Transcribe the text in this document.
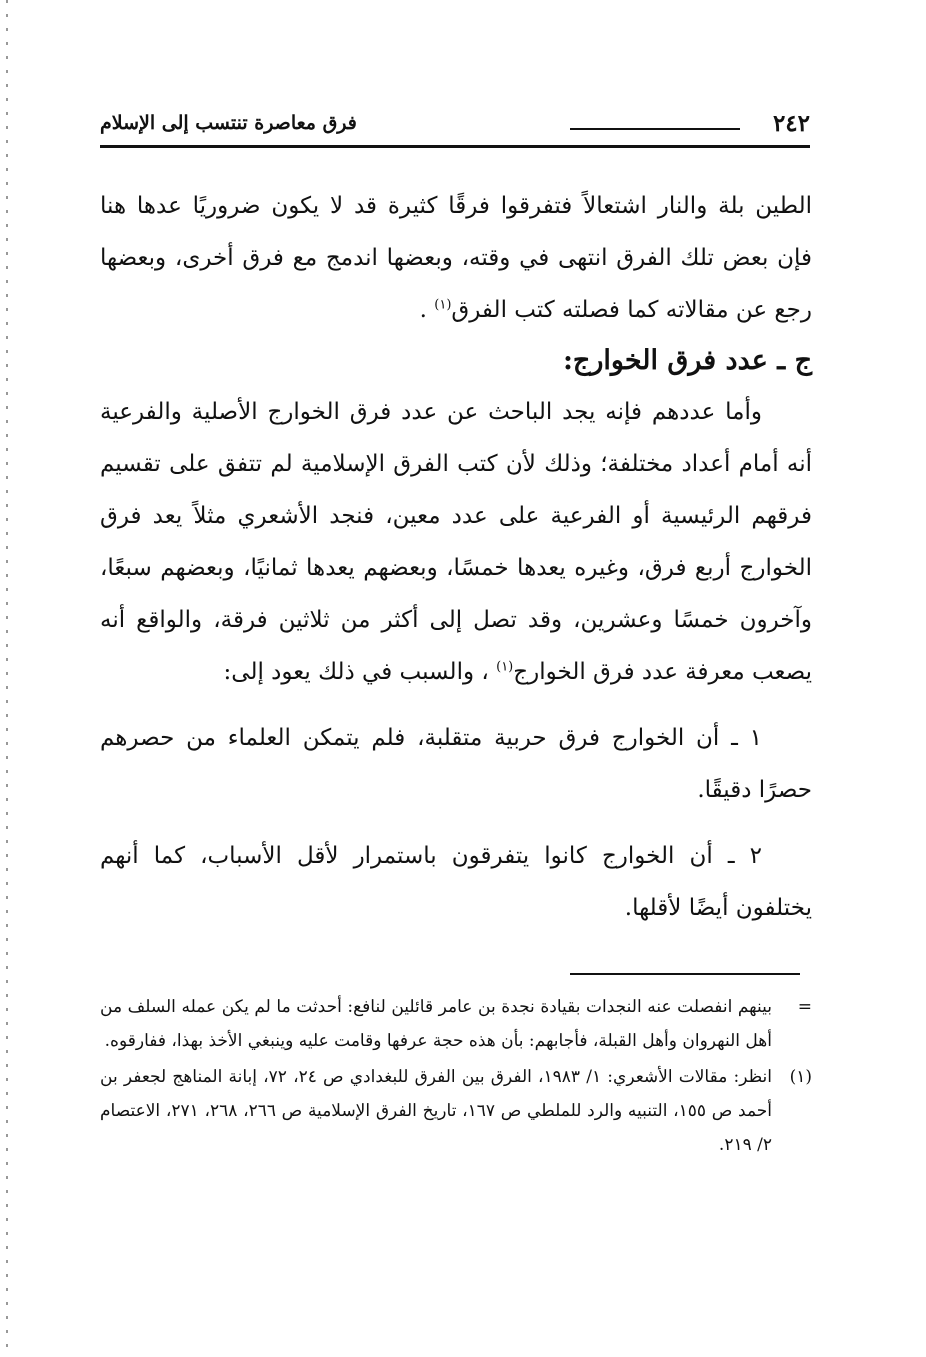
٢٤٢
فرق معاصرة تنتسب إلى الإسلام

الطين بلة والنار اشتعالاً فتفرقوا فرقًا كثيرة قد لا يكون ضروريًا عدها هنا فإن بعض تلك الفرق انتهى في وقته، وبعضها اندمج مع فرق أخرى، وبعضها رجع عن مقالاته كما فصلته كتب الفرق$^{(١)}$ .

ج ـ عدد فرق الخوارج:

وأما عددهم فإنه يجد الباحث عن عدد فرق الخوارج الأصلية والفرعية أنه أمام أعداد مختلفة؛ وذلك لأن كتب الفرق الإسلامية لم تتفق على تقسيم فرقهم الرئيسية أو الفرعية على عدد معين، فنجد الأشعري مثلاً يعد فرق الخوارج أربع فرق، وغيره يعدها خمسًا، وبعضهم يعدها ثمانيًا، وبعضهم سبعًا، وآخرون خمسًا وعشرين، وقد تصل إلى أكثر من ثلاثين فرقة، والواقع أنه يصعب معرفة عدد فرق الخوارج$^{(١)}$ ، والسبب في ذلك يعود إلى:

١ ـ أن الخوارج فرق حربية متقلبة، فلم يتمكن العلماء من حصرهم حصرًا دقيقًا.

٢ ـ أن الخوارج كانوا يتفرقون باستمرار لأقل الأسباب، كما أنهم يختلفون أيضًا لأقلها.

=
بينهم انفصلت عنه النجدات بقيادة نجدة بن عامر قائلين لنافع: أحدثت ما لم يكن عمله السلف من أهل النهروان وأهل القبلة، فأجابهم: بأن هذه حجة عرفها وقامت عليه وينبغي الأخذ بهذا، ففارقوه.
(١)
انظر: مقالات الأشعري: ١/ ١٩٨٣، الفرق بين الفرق للبغدادي ص ٢٤، ٧٢، إبانة المناهج لجعفر بن أحمد ص ١٥٥، التنبيه والرد للملطي ص ١٦٧، تاريخ الفرق الإسلامية ص ٢٦٦، ٢٦٨، ٢٧١، الاعتصام ٢/ ٢١٩.
